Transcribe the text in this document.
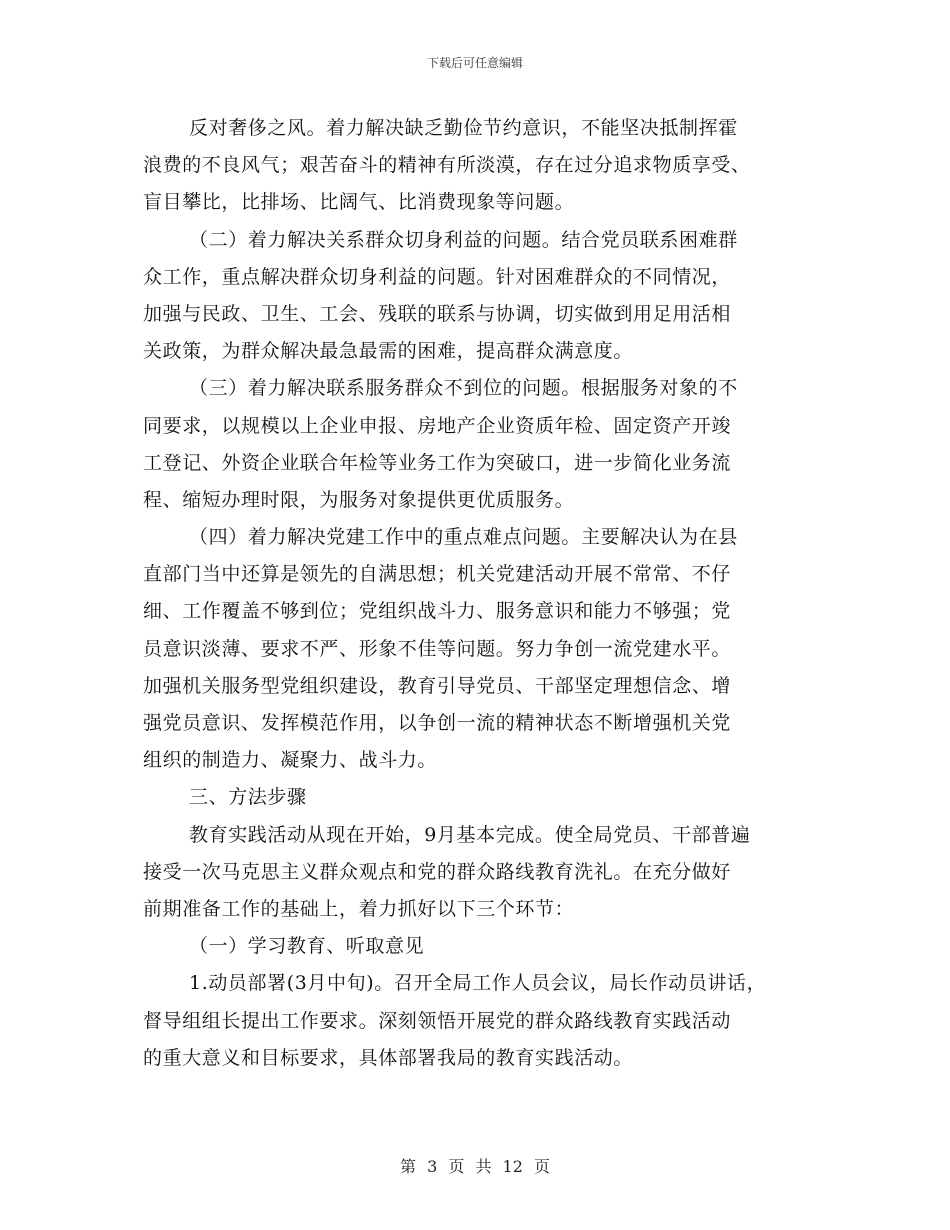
下载后可任意编辑
反对奢侈之风。着力解决缺乏勤俭节约意识，不能坚决抵制挥霍
浪费的不良风气；艰苦奋斗的精神有所淡漠，存在过分追求物质享受、
盲目攀比，比排场、比阔气、比消费现象等问题。
（二）着力解决关系群众切身利益的问题。结合党员联系困难群
众工作，重点解决群众切身利益的问题。针对困难群众的不同情况，
加强与民政、卫生、工会、残联的联系与协调，切实做到用足用活相
关政策，为群众解决最急最需的困难，提高群众满意度。
（三）着力解决联系服务群众不到位的问题。根据服务对象的不
同要求，以规模以上企业申报、房地产企业资质年检、固定资产开竣
工登记、外资企业联合年检等业务工作为突破口，进一步简化业务流
程、缩短办理时限，为服务对象提供更优质服务。
（四）着力解决党建工作中的重点难点问题。主要解决认为在县
直部门当中还算是领先的自满思想；机关党建活动开展不常常、不仔
细、工作覆盖不够到位；党组织战斗力、服务意识和能力不够强；党
员意识淡薄、要求不严、形象不佳等问题。努力争创一流党建水平。
加强机关服务型党组织建设，教育引导党员、干部坚定理想信念、增
强党员意识、发挥模范作用，以争创一流的精神状态不断增强机关党
组织的制造力、凝聚力、战斗力。
三、方法步骤
教育实践活动从现在开始，9月基本完成。使全局党员、干部普遍
接受一次马克思主义群众观点和党的群众路线教育洗礼。在充分做好
前期准备工作的基础上，着力抓好以下三个环节：
（一）学习教育、听取意见
1.动员部署(3月中旬)。召开全局工作人员会议，局长作动员讲话，
督导组组长提出工作要求。深刻领悟开展党的群众路线教育实践活动
的重大意义和目标要求，具体部署我局的教育实践活动。
第 3 页 共 12 页
